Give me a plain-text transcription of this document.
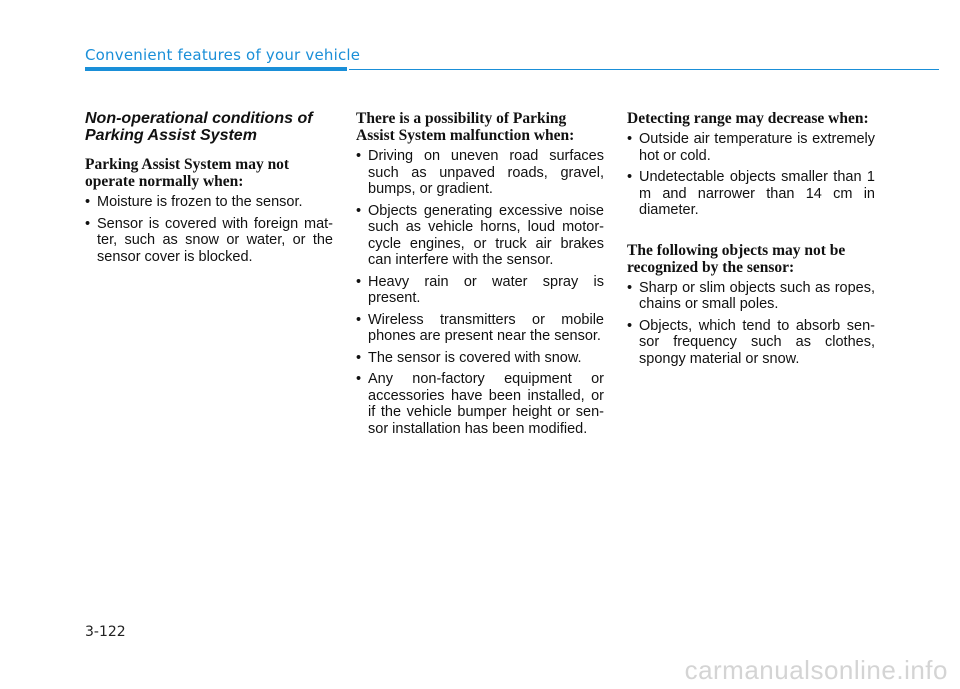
Convenient features of your vehicle
Non-operational conditions of Parking Assist System
Parking Assist System may not operate normally when:
• Moisture is frozen to the sensor.
• Sensor is covered with foreign mat- ter, such as snow or water, or the sensor cover is blocked.
There is a possibility of Parking Assist System malfunction when:
• Driving on uneven road surfaces such as unpaved roads, gravel, bumps, or gradient.
• Objects generating excessive noise such as vehicle horns, loud motor- cycle engines, or truck air brakes can interfere with the sensor.
• Heavy rain or water spray is present.
• Wireless transmitters or mobile phones are present near the sensor.
• The sensor is covered with snow.
• Any non-factory equipment or accessories have been installed, or if the vehicle bumper height or sen- sor installation has been modified.
Detecting range may decrease when:
• Outside air temperature is extremely hot or cold.
• Undetectable objects smaller than 1 m and narrower than 14 cm in diameter.
The following objects may not be recognized by the sensor:
• Sharp or slim objects such as ropes, chains or small poles.
• Objects, which tend to absorb sen- sor frequency such as clothes, spongy material or snow.
3-122
carmanualsonline.info
